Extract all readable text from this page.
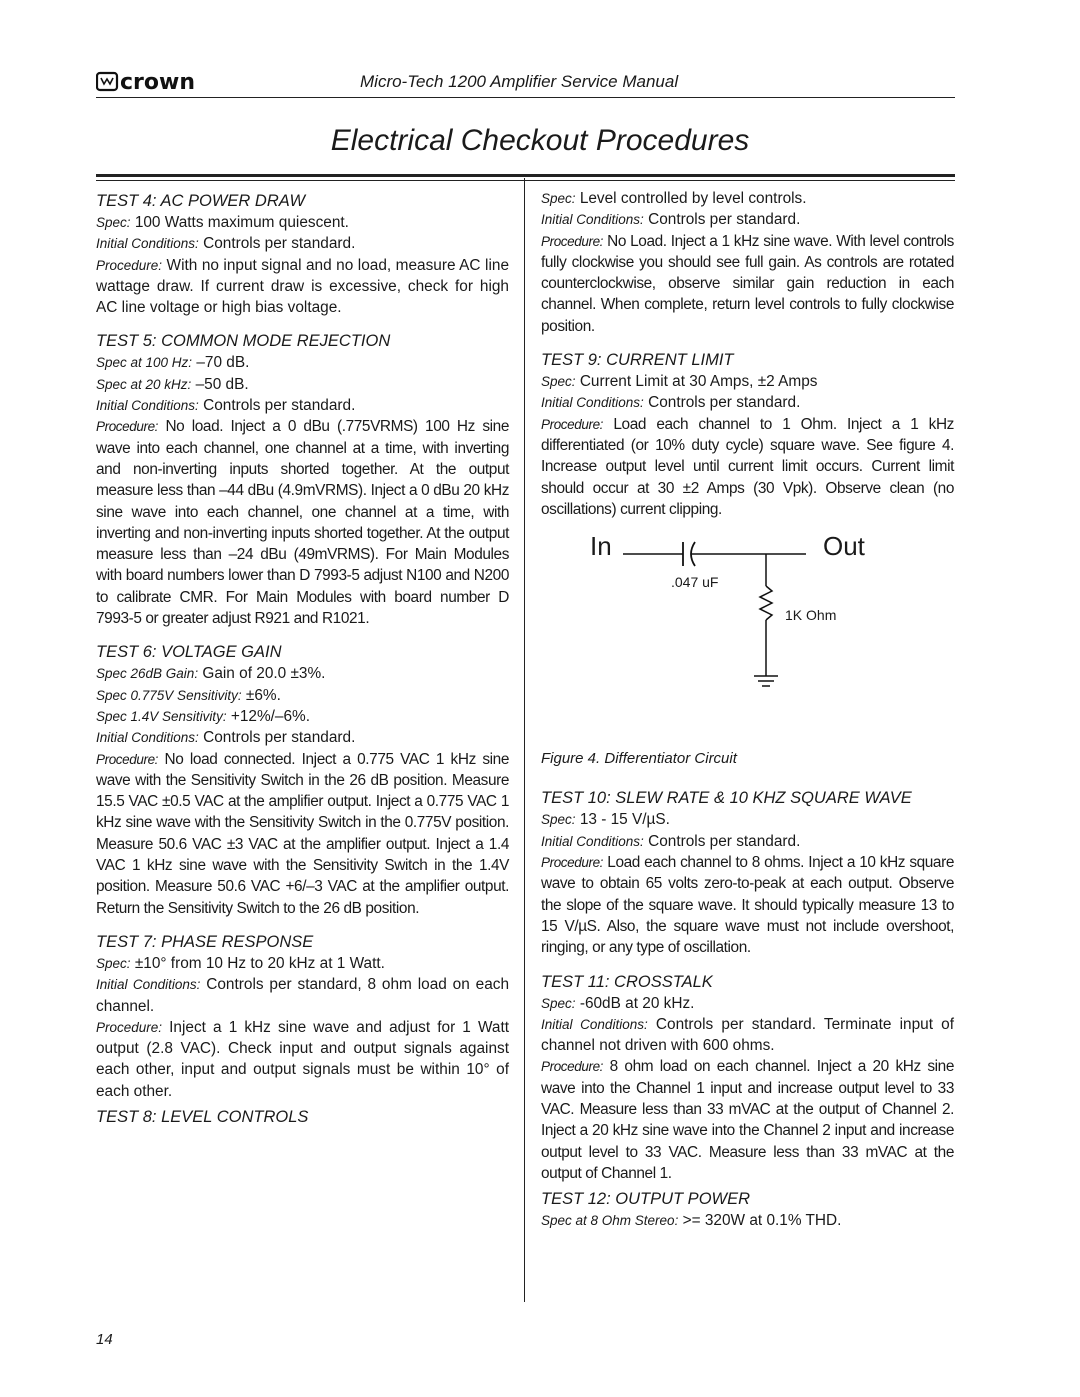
crown	Micro-Tech 1200 Amplifier Service Manual
Electrical Checkout Procedures
TEST 4: AC POWER DRAW

Spec: 100 Watts maximum quiescent.

Initial Conditions: Controls per standard.

Procedure: With no input signal and no load, measure AC line wattage draw. If current draw is excessive, check for high AC line voltage or high bias voltage.

TEST 5: COMMON MODE REJECTION

Spec at 100 Hz: –70 dB.

Spec at 20 kHz: –50 dB.

Initial Conditions: Controls per standard.

Procedure: No load. Inject a 0 dBu (.775VRMS) 100 Hz sine wave into each channel, one channel at a time, with inverting and non-inverting inputs shorted together. At the output measure less than –44 dBu (4.9mVRMS). Inject a 0 dBu 20 kHz sine wave into each channel, one channel at a time, with inverting and non-inverting inputs shorted together. At the output measure less than –24 dBu (49mVRMS). For Main Modules with board numbers lower than D 7993-5 adjust N100 and N200 to calibrate CMR. For Main Modules with board number D 7993-5 or greater adjust R921 and R1021.

TEST 6: VOLTAGE GAIN

Spec 26dB Gain: Gain of 20.0 ±3%.

Spec 0.775V Sensitivity: ±6%.

Spec 1.4V Sensitivity: +12%/–6%.

Initial Conditions: Controls per standard.

Procedure: No load connected. Inject a 0.775 VAC 1 kHz sine wave with the Sensitivity Switch in the 26 dB position. Measure 15.5 VAC ±0.5 VAC at the amplifier output. Inject a 0.775 VAC 1 kHz sine wave with the Sensitivity Switch in the 0.775V position. Measure 50.6 VAC ±3 VAC at the amplifier output. Inject a 1.4 VAC 1 kHz sine wave with the Sensitivity Switch in the 1.4V position. Measure 50.6 VAC +6/–3 VAC at the amplifier output. Return the Sensitivity Switch to the 26 dB position.

TEST 7: PHASE RESPONSE

Spec: ±10° from 10 Hz to 20 kHz at 1 Watt.

Initial Conditions: Controls per standard, 8 ohm load on each channel.

Procedure: Inject a 1 kHz sine wave and adjust for 1 Watt output (2.8 VAC). Check input and output signals against each other, input and output signals must be within 10° of each other.

TEST 8: LEVEL CONTROLS

Spec: Level controlled by level controls.

Initial Conditions: Controls per standard.

Procedure: No Load. Inject a 1 kHz sine wave. With level controls fully clockwise you should see full gain. As controls are rotated counterclockwise, observe similar gain reduction in each channel. When complete, return level controls to fully clockwise position.

TEST 9: CURRENT LIMIT

Spec: Current Limit at 30 Amps, ±2 Amps

Initial Conditions: Controls per standard.

Procedure: Load each channel to 1 Ohm. Inject a 1 kHz differentiated (or 10% duty cycle) square wave. See figure 4. Increase output level until current limit occurs. Current limit should occur at 30 ±2 Amps (30 Vpk). Observe clean (no oscillations) current clipping.

In	Out
.047 uF
1K Ohm

Figure 4. Differentiator Circuit

TEST 10: SLEW RATE & 10 KHZ SQUARE WAVE

Spec: 13 - 15 V/µS.

Initial Conditions: Controls per standard.

Procedure: Load each channel to 8 ohms. Inject a 10 kHz square wave to obtain 65 volts zero-to-peak at each output. Observe the slope of the square wave. It should typically measure 13 to 15 V/µS. Also, the square wave must not include overshoot, ringing, or any type of oscillation.

TEST 11: CROSSTALK

Spec: -60dB at 20 kHz.

Initial Conditions: Controls per standard. Terminate input of channel not driven with 600 ohms.

Procedure: 8 ohm load on each channel. Inject a 20 kHz sine wave into the Channel 1 input and increase output level to 33 VAC. Measure less than 33 mVAC at the output of Channel 2. Inject a 20 kHz sine wave into the Channel 2 input and increase output level to 33 VAC. Measure less than 33 mVAC at the output of Channel 1.

TEST 12: OUTPUT POWER

Spec at 8 Ohm Stereo: >= 320W at 0.1% THD.

14
